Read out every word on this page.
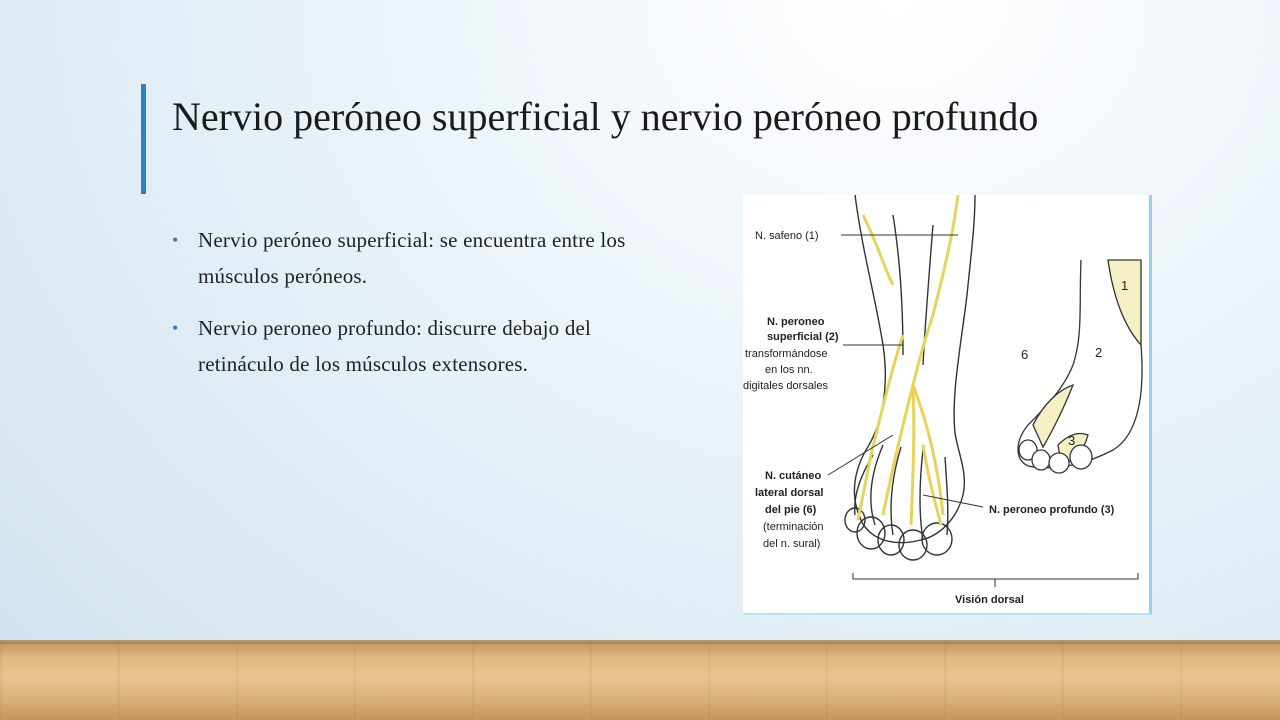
Nervio peróneo superficial y nervio peróneo profundo
• Nervio peróneo superficial: se encuentra entre los músculos peróneos.
• Nervio peroneo profundo: discurre debajo del retináculo de los músculos extensores.
N. safeno (1)
N. peroneo
superficial (2)
transformándose
en los nn.
digitales dorsales
N. cutáneo
lateral dorsal
del pie (6)
(terminación
del n. sural)
N. peroneo profundo (3)
Visión dorsal
1
2
3
6
